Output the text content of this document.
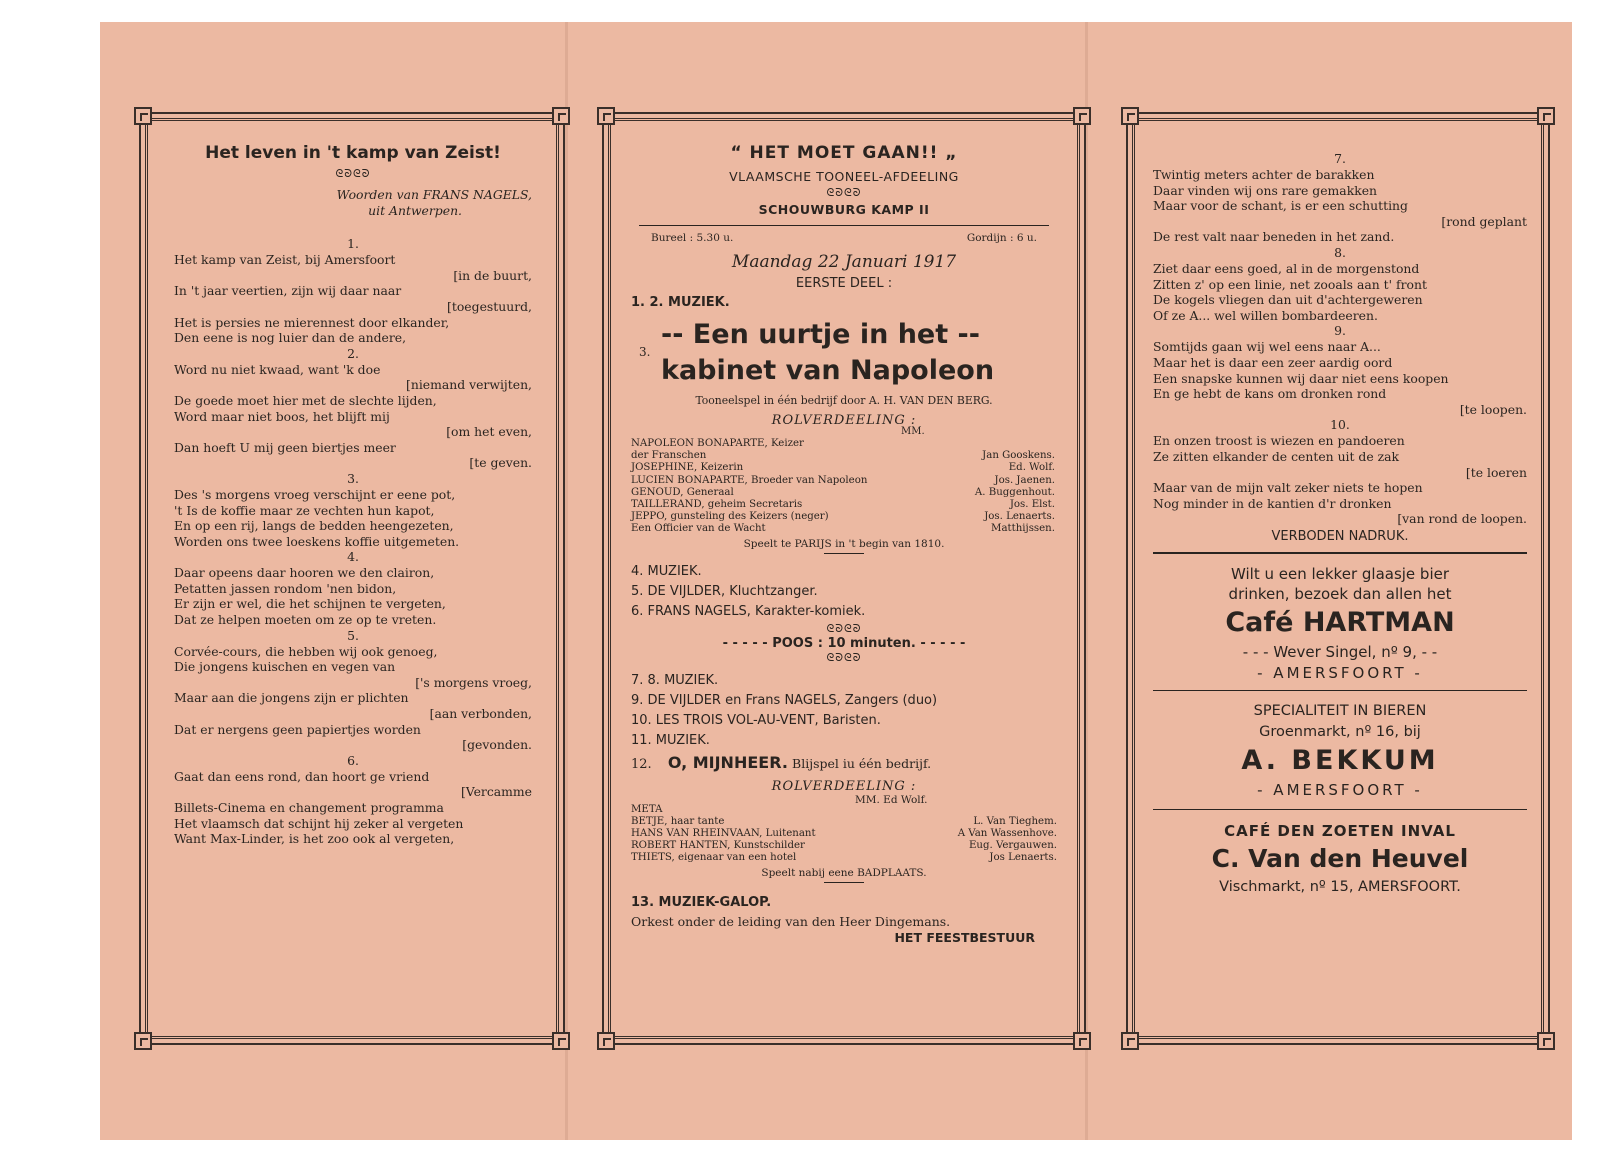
Het leven in 't kamp van Zeist!
ᘓᘐᘓᘐ
Woorden van FRANS NAGELS,
uit Antwerpen.
1.
Het kamp van Zeist, bij Amersfoort
[in de buurt,
In 't jaar veertien, zijn wij daar naar
[toegestuurd,
Het is persies ne mierennest door elkander,
Den eene is nog luier dan de andere,
2.
Word nu niet kwaad, want 'k doe
[niemand verwijten,
De goede moet hier met de slechte lijden,
Word maar niet boos, het blijft mij
[om het even,
Dan hoeft U mij geen biertjes meer
[te geven.
3.
Des 's morgens vroeg verschijnt er eene pot,
't Is de koffie maar ze vechten hun kapot,
En op een rij, langs de bedden heengezeten,
Worden ons twee loeskens koffie uitgemeten.
4.
Daar opeens daar hooren we den clairon,
Petatten jassen rondom 'nen bidon,
Er zijn er wel, die het schijnen te vergeten,
Dat ze helpen moeten om ze op te vreten.
5.
Corvée-cours, die hebben wij ook genoeg,
Die jongens kuischen en vegen van
['s morgens vroeg,
Maar aan die jongens zijn er plichten
[aan verbonden,
Dat er nergens geen papiertjes worden
[gevonden.
6.
Gaat dan eens rond, dan hoort ge vriend
[Vercamme
Billets-Cinema en changement programma
Het vlaamsch dat schijnt hij zeker al vergeten
Want Max-Linder, is het zoo ook al vergeten,
“ HET MOET GAAN!! „
VLAAMSCHE TOONEEL-AFDEELING
ᘓᘐᘓᘐ
SCHOUWBURG KAMP II
Bureel : 5.30 u.	Gordijn : 6 u.
Maandag 22 Januari 1917
EERSTE DEEL :
1. 2. MUZIEK.
3.
-- Een uurtje in het --
kabinet van Napoleon
Tooneelspel in één bedrijf door A. H. VAN DEN BERG.
ROLVERDEELING :
MM.
NAPOLEON BONAPARTE, Keizer
der Franschen	Jan Gooskens.
JOSEPHINE, Keizerin	Ed. Wolf.
LUCIEN BONAPARTE, Broeder van Napoleon	Jos. Jaenen.
GENOUD, Generaal	A. Buggenhout.
TAILLERAND, geheim Secretaris	Jos. Elst.
JEPPO, gunsteling des Keizers (neger)	Jos. Lenaerts.
Een Officier van de Wacht	Matthijssen.
Speelt te PARIJS in 't begin van 1810.
4. MUZIEK.
5. DE VIJLDER, Kluchtzanger.
6. FRANS NAGELS, Karakter-komiek.
ᘓᘐᘓᘐ
- - - - - POOS : 10 minuten. - - - - -
ᘓᘐᘓᘐ
7. 8. MUZIEK.
9. DE VIJLDER en Frans NAGELS, Zangers (duo)
10. LES TROIS VOL-AU-VENT, Baristen.
11. MUZIEK.
12. O, MIJNHEER. Blijspel iu één bedrijf.
ROLVERDEELING :
MM. Ed Wolf.
META
BETJE, haar tante	L. Van Tieghem.
HANS VAN RHEINVAAN, Luitenant	A Van Wassenhove.
ROBERT HANTEN, Kunstschilder	Eug. Vergauwen.
THIETS, eigenaar van een hotel	Jos Lenaerts.
Speelt nabij eene BADPLAATS.
13. MUZIEK-GALOP.
Orkest onder de leiding van den Heer Dingemans.
HET FEESTBESTUUR
7.
Twintig meters achter de barakken
Daar vinden wij ons rare gemakken
Maar voor de schant, is er een schutting
[rond geplant
De rest valt naar beneden in het zand.
8.
Ziet daar eens goed, al in de morgenstond
Zitten z' op een linie, net zooals aan t' front
De kogels vliegen dan uit d'achtergeweren
Of ze A... wel willen bombardeeren.
9.
Somtijds gaan wij wel eens naar A...
Maar het is daar een zeer aardig oord
Een snapske kunnen wij daar niet eens koopen
En ge hebt de kans om dronken rond
[te loopen.
10.
En onzen troost is wiezen en pandoeren
Ze zitten elkander de centen uit de zak
[te loeren
Maar van de mijn valt zeker niets te hopen
Nog minder in de kantien d'r dronken
[van rond de loopen.
VERBODEN NADRUK.
Wilt u een lekker glaasje bier
drinken, bezoek dan allen het
Café HARTMAN
- - - Wever Singel, nº 9, - -
- AMERSFOORT -
SPECIALITEIT IN BIEREN
Groenmarkt, nº 16, bij
A. BEKKUM
- AMERSFOORT -
CAFÉ DEN ZOETEN INVAL
C. Van den Heuvel
Vischmarkt, nº 15, AMERSFOORT.
